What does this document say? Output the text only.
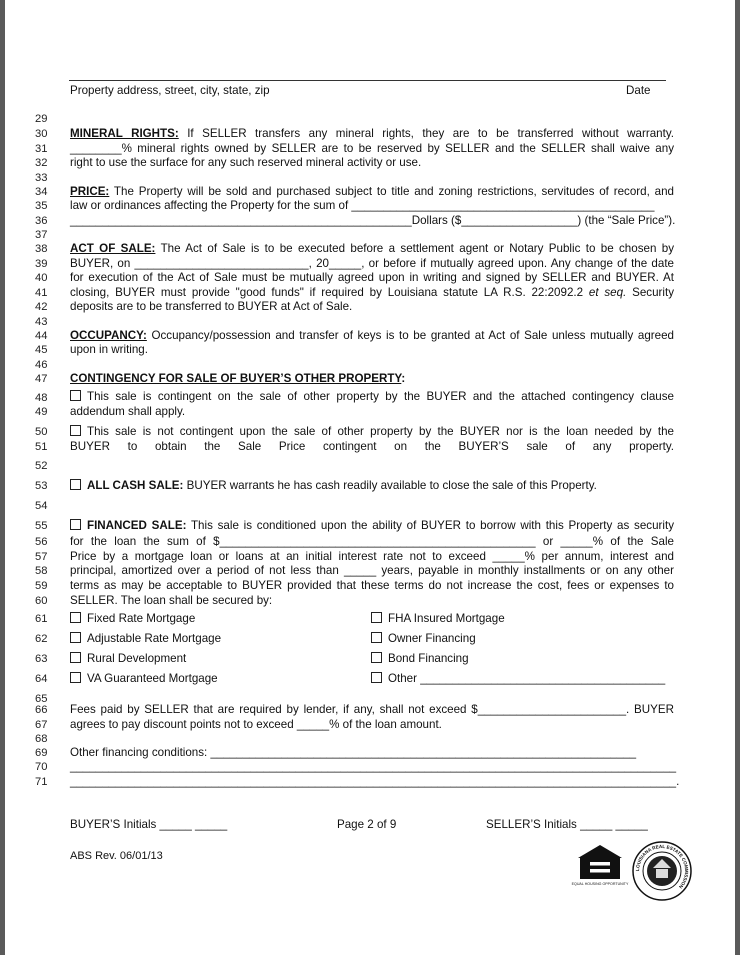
Property address, street, city, state, zip	Date
29
30
31
32
33
34
35
36
37
38
39
40
41
42
43
44
45
46
47
48
49
50
51
52
53
54
55
56
57
58
59
60
61
62
63
64
65
66
67
68
69
70
71
MINERAL RIGHTS: If SELLER transfers any mineral rights, they are to be transferred without warranty.
________% mineral rights owned by SELLER are to be reserved by SELLER and the SELLER shall waive any
right to use the surface for any such reserved mineral activity or use.
PRICE: The Property will be sold and purchased subject to title and zoning restrictions, servitudes of record, and
law or ordinances affecting the Property for the sum of _______________________________________________
_____________________________________________________Dollars ($__________________) (the “Sale Price”).
ACT OF SALE: The Act of Sale is to be executed before a settlement agent or Notary Public to be chosen by
BUYER, on ___________________________, 20_____, or before if mutually agreed upon. Any change of the date
for execution of the Act of Sale must be mutually agreed upon in writing and signed by SELLER and BUYER. At
closing, BUYER must provide "good funds" if required by Louisiana statute LA R.S. 22:2092.2 et seq. Security
deposits are to be transferred to BUYER at Act of Sale.
OCCUPANCY: Occupancy/possession and transfer of keys is to be granted at Act of Sale unless mutually agreed
upon in writing.
CONTINGENCY FOR SALE OF BUYER’S OTHER PROPERTY:
This sale is contingent on the sale of other property by the BUYER and the attached contingency clause
addendum shall apply.
This sale is not contingent upon the sale of other property by the BUYER nor is the loan needed by the
BUYER to obtain the Sale Price contingent on the BUYER’S sale of any property.
ALL CASH SALE: BUYER warrants he has cash readily available to close the sale of this Property.
FINANCED SALE: This sale is conditioned upon the ability of BUYER to borrow with this Property as security
for the loan the sum of $_________________________________________________ or _____% of the Sale
Price by a mortgage loan or loans at an initial interest rate not to exceed _____% per annum, interest and
principal, amortized over a period of not less than _____ years, payable in monthly installments or on any other
terms as may be acceptable to BUYER provided that these terms do not increase the cost, fees or expenses to
SELLER. The loan shall be secured by:
Fixed Rate Mortgage
Adjustable Rate Mortgage
Rural Development
VA Guaranteed Mortgage
FHA Insured Mortgage
Owner Financing
Bond Financing
Other ______________________________________
Fees paid by SELLER that are required by lender, if any, shall not exceed $_______________________. BUYER
agrees to pay discount points not to exceed _____% of the loan amount.
Other financing conditions: __________________________________________________________________
______________________________________________________________________________________________
______________________________________________________________________________________________.
BUYER’S Initials _____ _____	Page 2 of 9	SELLER’S Initials _____ _____
ABS Rev. 06/01/13
EQUAL HOUSING OPPORTUNITY
LOUISIANA REAL ESTATE COMMISSION
